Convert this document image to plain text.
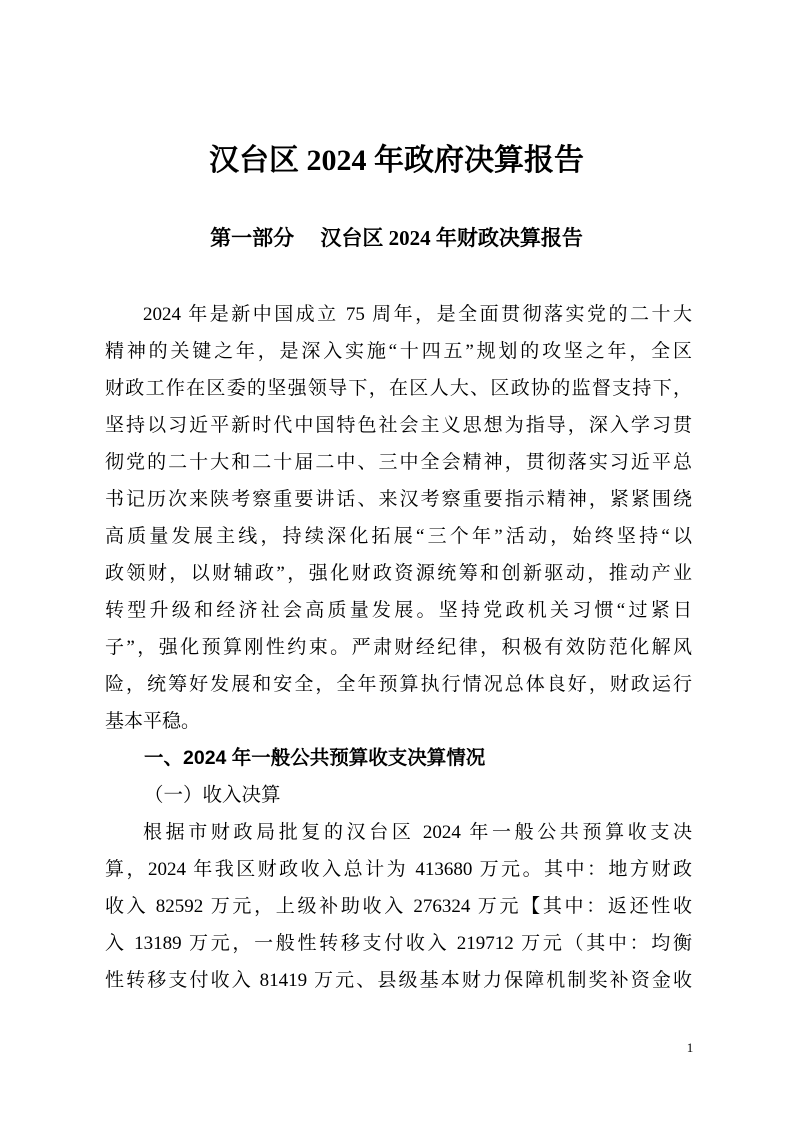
汉台区 2024 年政府决算报告
第一部分　 汉台区 2024 年财政决算报告
2024 年是新中国成立 75 周年，是全面贯彻落实党的二十大
精神的关键之年，是深入实施“十四五”规划的攻坚之年，全区
财政工作在区委的坚强领导下，在区人大、区政协的监督支持下，
坚持以习近平新时代中国特色社会主义思想为指导，深入学习贯
彻党的二十大和二十届二中、三中全会精神，贯彻落实习近平总
书记历次来陕考察重要讲话、来汉考察重要指示精神，紧紧围绕
高质量发展主线，持续深化拓展“三个年”活动，始终坚持“以
政领财，以财辅政”，强化财政资源统筹和创新驱动，推动产业
转型升级和经济社会高质量发展。坚持党政机关习惯“过紧日
子”，强化预算刚性约束。严肃财经纪律，积极有效防范化解风
险，统筹好发展和安全，全年预算执行情况总体良好，财政运行
基本平稳。
一、2024 年一般公共预算收支决算情况
（一）收入决算
根据市财政局批复的汉台区 2024 年一般公共预算收支决
算，2024 年我区财政收入总计为 413680 万元。其中：地方财政
收入 82592 万元，上级补助收入 276324 万元【其中：返还性收
入 13189 万元，一般性转移支付收入 219712 万元（其中：均衡
性转移支付收入 81419 万元、县级基本财力保障机制奖补资金收
1
